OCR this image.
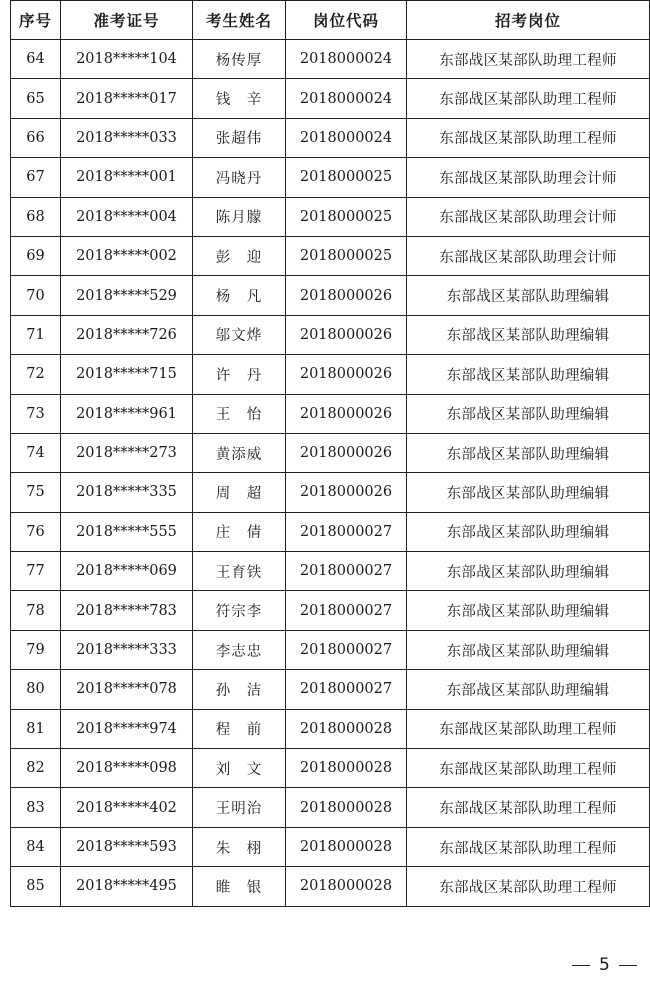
序号	准考证号	考生姓名	岗位代码	招考岗位
64	2018*****104	杨传厚	2018000024	东部战区某部队助理工程师
65	2018*****017	钱　辛	2018000024	东部战区某部队助理工程师
66	2018*****033	张超伟	2018000024	东部战区某部队助理工程师
67	2018*****001	冯晓丹	2018000025	东部战区某部队助理会计师
68	2018*****004	陈月朦	2018000025	东部战区某部队助理会计师
69	2018*****002	彭　迎	2018000025	东部战区某部队助理会计师
70	2018*****529	杨　凡	2018000026	东部战区某部队助理编辑
71	2018*****726	邬文烨	2018000026	东部战区某部队助理编辑
72	2018*****715	许　丹	2018000026	东部战区某部队助理编辑
73	2018*****961	王　怡	2018000026	东部战区某部队助理编辑
74	2018*****273	黄添威	2018000026	东部战区某部队助理编辑
75	2018*****335	周　超	2018000026	东部战区某部队助理编辑
76	2018*****555	庄　倩	2018000027	东部战区某部队助理编辑
77	2018*****069	王育铁	2018000027	东部战区某部队助理编辑
78	2018*****783	符宗李	2018000027	东部战区某部队助理编辑
79	2018*****333	李志忠	2018000027	东部战区某部队助理编辑
80	2018*****078	孙　洁	2018000027	东部战区某部队助理编辑
81	2018*****974	程　前	2018000028	东部战区某部队助理工程师
82	2018*****098	刘　文	2018000028	东部战区某部队助理工程师
83	2018*****402	王明治	2018000028	东部战区某部队助理工程师
84	2018*****593	朱　栩	2018000028	东部战区某部队助理工程师
85	2018*****495	睢　银	2018000028	东部战区某部队助理工程师
5
